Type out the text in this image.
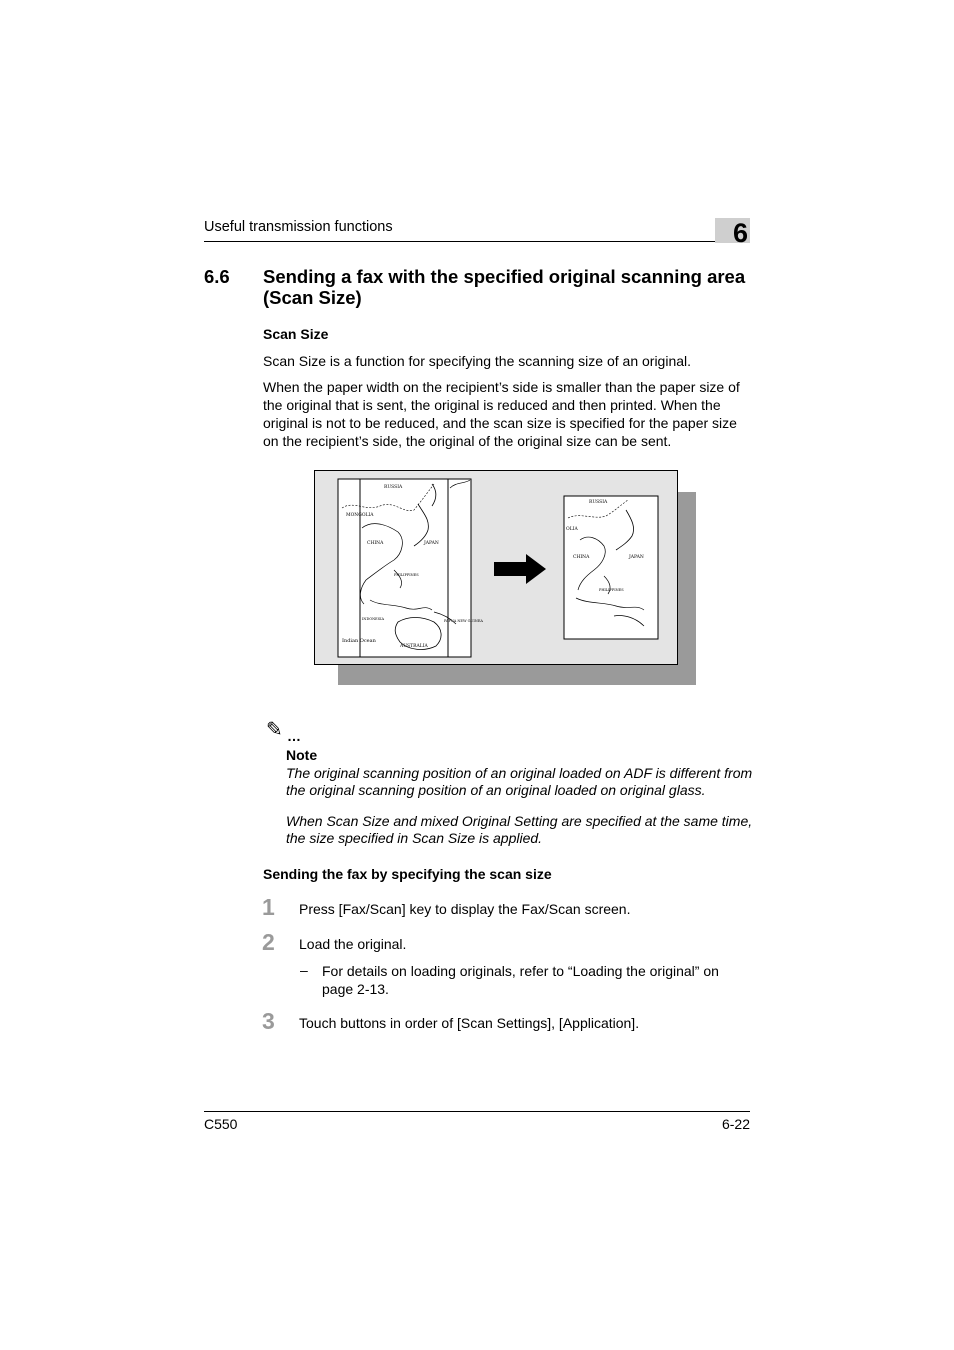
Useful transmission functions	6
6.6 Sending a fax with the specified original scanning area (Scan Size)
Scan Size
Scan Size is a function for specifying the scanning size of an original.
When the paper width on the recipient’s side is smaller than the paper size of the original that is sent, the original is reduced and then printed. When the original is not to be reduced, and the scan size is specified for the paper size on the recipient’s side, the original of the original size can be sent.
RUSSIA
MONGOLIA
CHINA	JAPAN
PHILIPPINES
INDONESIA	PAPUA NEW GUINEA
Indian Ocean
AUSTRALIA
RUSSIA
OLIA
CHINA	JAPAN
PHILIPPINES
✎ …
Note
The original scanning position of an original loaded on ADF is different from the original scanning position of an original loaded on original glass.
When Scan Size and mixed Original Setting are specified at the same time, the size specified in Scan Size is applied.
Sending the fax by specifying the scan size
1 Press [Fax/Scan] key to display the Fax/Scan screen.
2 Load the original.
– For details on loading originals, refer to “Loading the original” on page 2-13.
3 Touch buttons in order of [Scan Settings], [Application].
C550	6-22
